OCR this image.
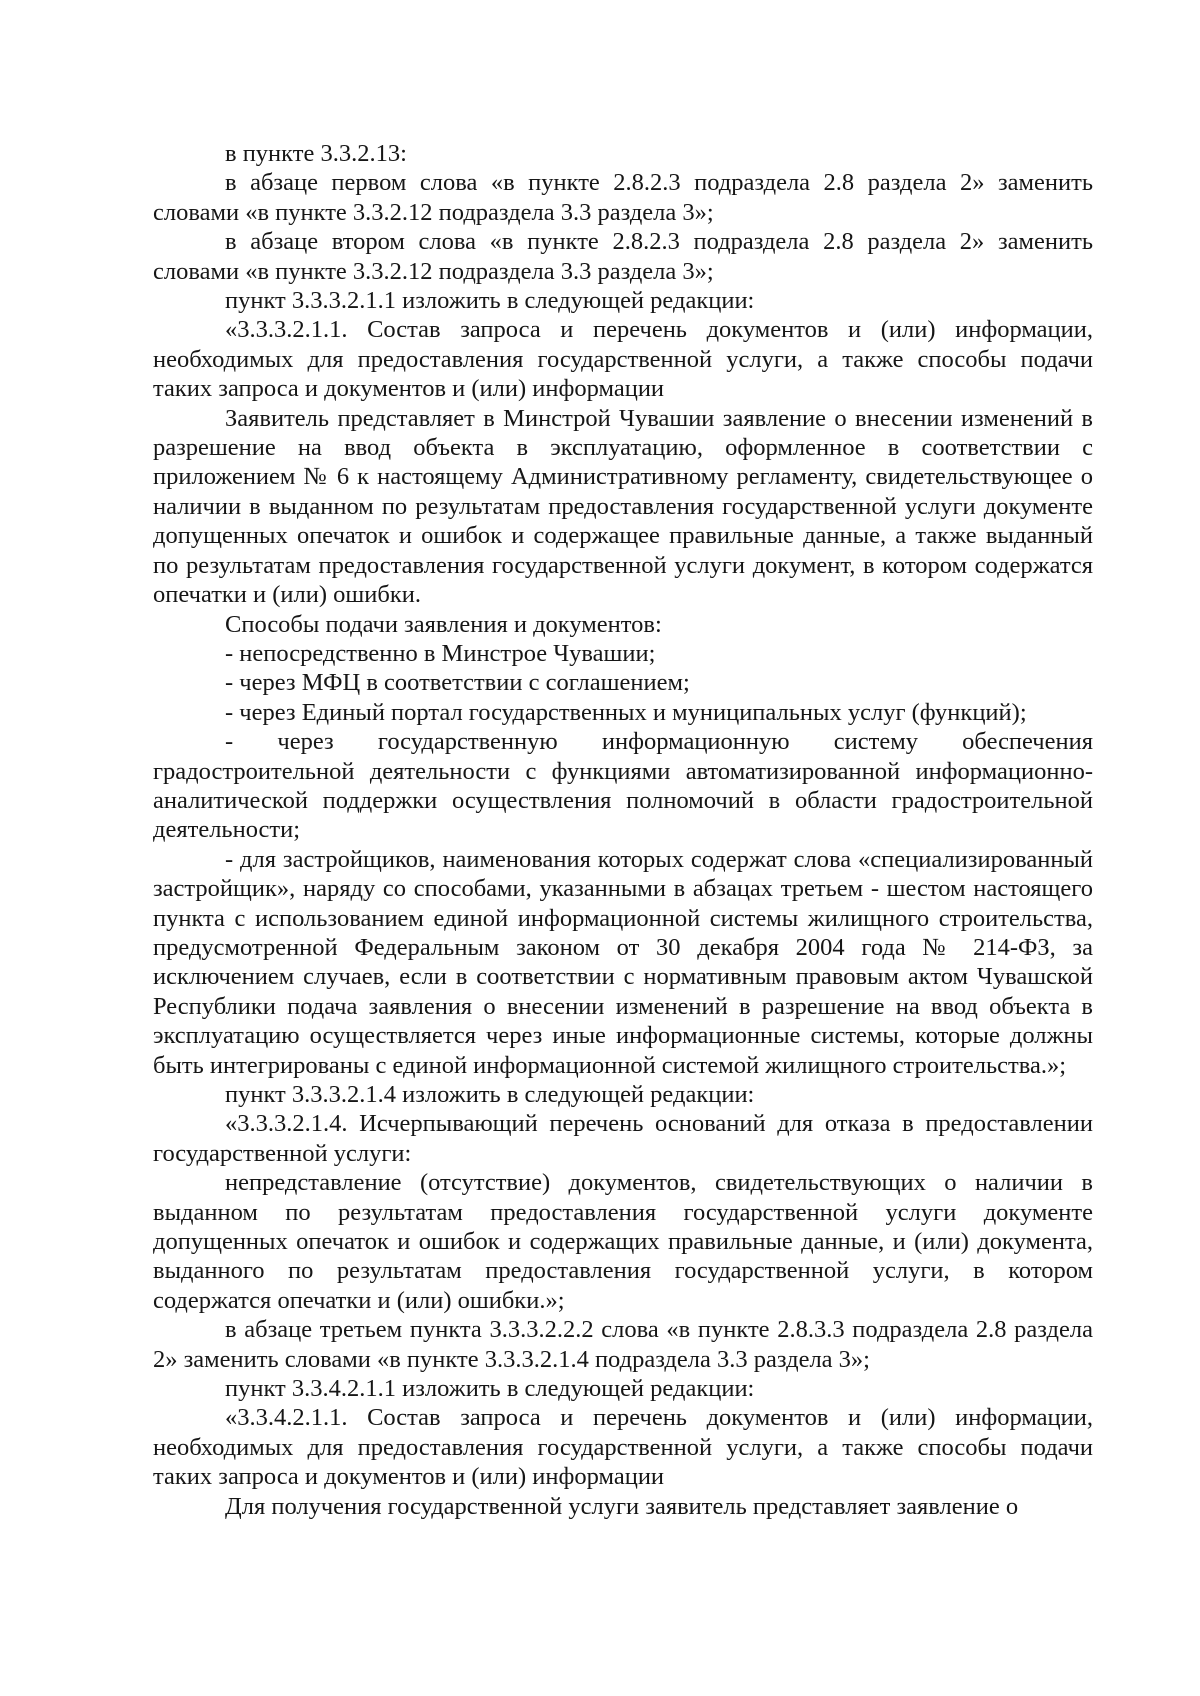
в пункте 3.3.2.13:

в абзаце первом слова «в пункте 2.8.2.3 подраздела 2.8 раздела 2» заменить словами «в пункте 3.3.2.12 подраздела 3.3 раздела 3»;

в абзаце втором слова «в пункте 2.8.2.3 подраздела 2.8 раздела 2» заменить словами «в пункте 3.3.2.12 подраздела 3.3 раздела 3»;

пункт 3.3.3.2.1.1 изложить в следующей редакции:

«3.3.3.2.1.1. Состав запроса и перечень документов и (или) информации, необходимых для предоставления государственной услуги, а также способы подачи таких запроса и документов и (или) информации

Заявитель представляет в Минстрой Чувашии заявление о внесении изменений в разрешение на ввод объекта в эксплуатацию, оформленное в соответствии с приложением № 6 к настоящему Административному регламенту, свидетельствующее о наличии в выданном по результатам предоставления государственной услуги документе допущенных опечаток и ошибок и содержащее правильные данные, а также выданный по результатам предоставления государственной услуги документ, в котором содержатся опечатки и (или) ошибки.

Способы подачи заявления и документов:

- непосредственно в Минстрое Чувашии;

- через МФЦ в соответствии с соглашением;

- через Единый портал государственных и муниципальных услуг (функций);

- через государственную информационную систему обеспечения градостроительной деятельности с функциями автоматизированной информационно-аналитической поддержки осуществления полномочий в области градостроительной деятельности;

- для застройщиков, наименования которых содержат слова «специализированный застройщик», наряду со способами, указанными в абзацах третьем - шестом настоящего пункта с использованием единой информационной системы жилищного строительства, предусмотренной Федеральным законом от 30 декабря 2004 года № 214-ФЗ, за исключением случаев, если в соответствии с нормативным правовым актом Чувашской Республики подача заявления о внесении изменений в разрешение на ввод объекта в эксплуатацию осуществляется через иные информационные системы, которые должны быть интегрированы с единой информационной системой жилищного строительства.»;

пункт 3.3.3.2.1.4 изложить в следующей редакции:

«3.3.3.2.1.4. Исчерпывающий перечень оснований для отказа в предоставлении государственной услуги:

непредставление (отсутствие) документов, свидетельствующих о наличии в выданном по результатам предоставления государственной услуги документе допущенных опечаток и ошибок и содержащих правильные данные, и (или) документа, выданного по результатам предоставления государственной услуги, в котором содержатся опечатки и (или) ошибки.»;

в абзаце третьем пункта 3.3.3.2.2.2 слова «в пункте 2.8.3.3 подраздела 2.8 раздела 2» заменить словами «в пункте 3.3.3.2.1.4 подраздела 3.3 раздела 3»;

пункт 3.3.4.2.1.1 изложить в следующей редакции:

«3.3.4.2.1.1. Состав запроса и перечень документов и (или) информации, необходимых для предоставления государственной услуги, а также способы подачи таких запроса и документов и (или) информации

Для получения государственной услуги заявитель представляет заявление о
